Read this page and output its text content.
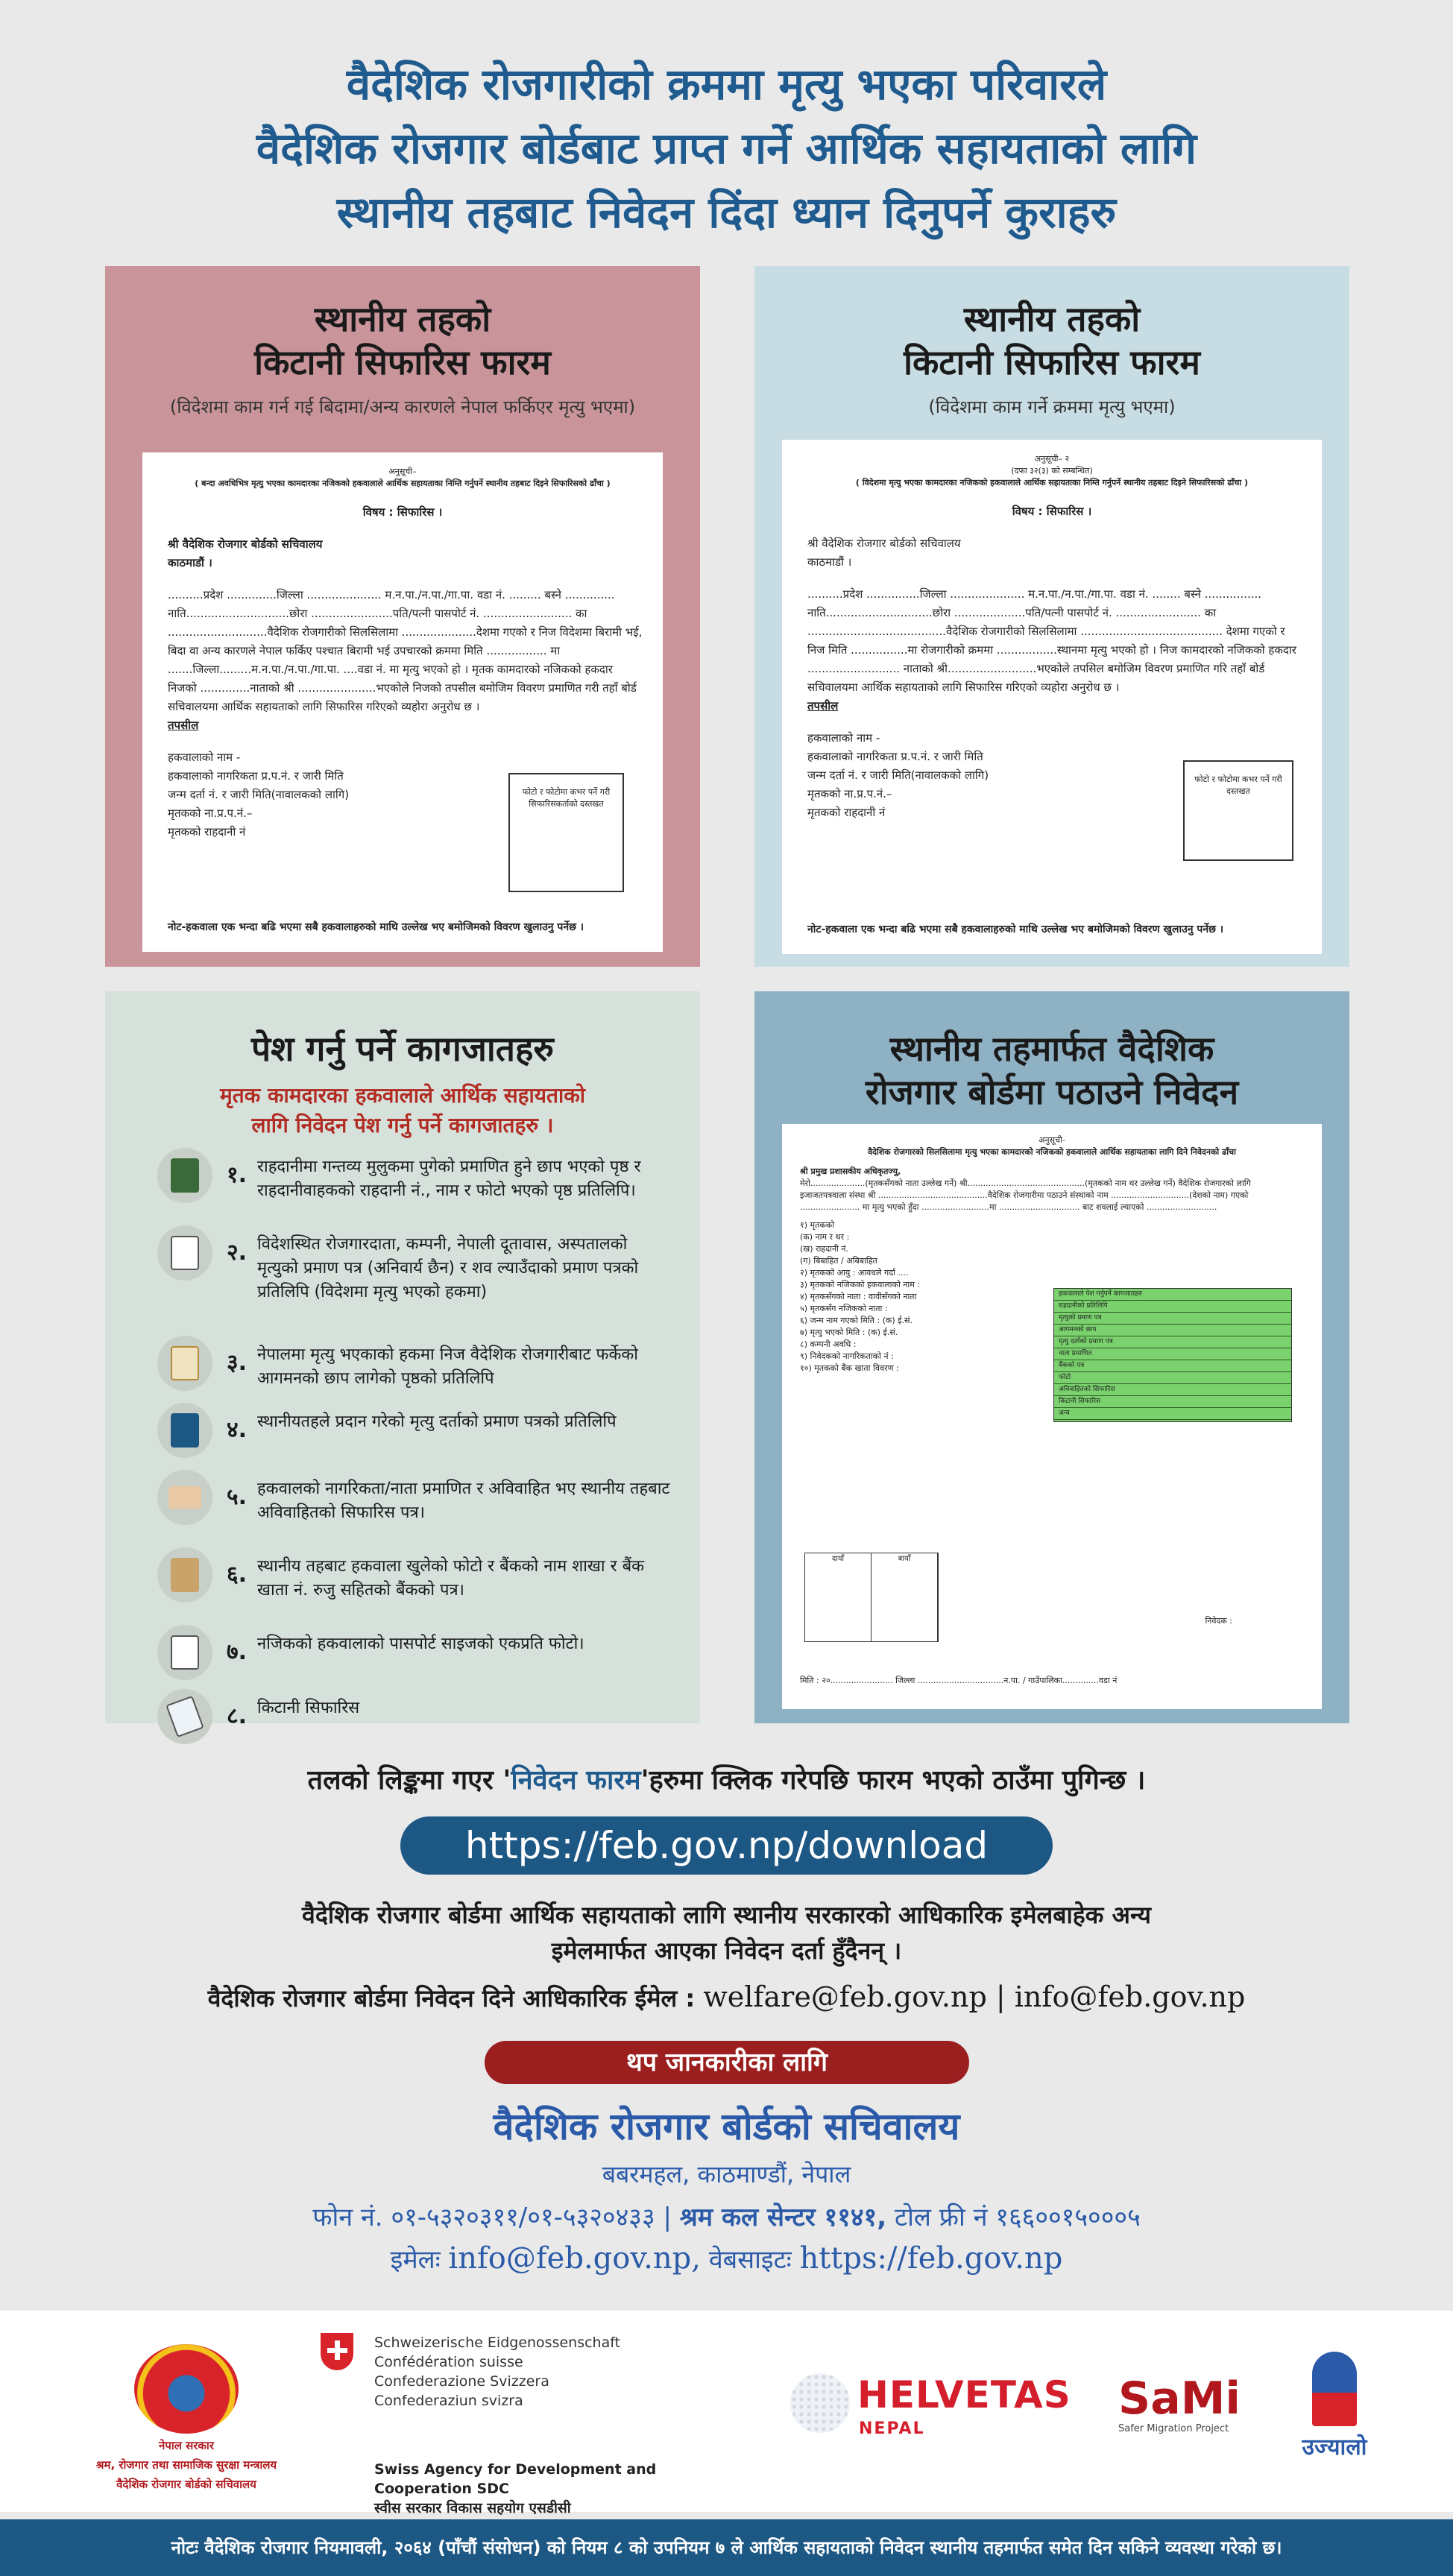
वैदेशिक रोजगारीको क्रममा मृत्यु भएका परिवारले
वैदेशिक रोजगार बोर्डबाट प्राप्त गर्ने आर्थिक सहायताको लागि
स्थानीय तहबाट निवेदन दिंदा ध्यान दिनुपर्ने कुराहरु
स्थानीय तहको
किटानी सिफारिस फारम
(विदेशमा काम गर्न गई बिदामा/अन्य कारणले नेपाल फर्किएर मृत्यु भएमा)
अनुसूची–
( बन्दा अवधिभित्र मृत्यु भएका कामदारका नजिकको हकवालाले आर्थिक सहायताका निम्ति गर्नुपर्ने स्थानीय तहबाट दिइने सिफारिसको ढाँचा )
विषय : सिफारिस ।
श्री वैदेशिक रोजगार बोर्डको सचिवालय
काठमाडौं ।
..........प्रदेश ..............जिल्ला ..................... म.न.पा./न.पा./गा.पा. वडा नं. ......... बस्ने .............. नाति.............................छोरा .......................पति/पत्नी पासपोर्ट नं. ......................... का ............................वैदेशिक रोजगारीको सिलसिलामा .....................देशमा गएको र निज विदेशमा बिरामी भई, बिदा वा अन्य कारणले नेपाल फर्किए पश्चात बिरामी भई उपचारको क्रममा मिति ................. मा .......जिल्ला.........म.न.पा./न.पा./गा.पा. ....वडा नं. मा मृत्यु भएको हो । मृतक कामदारको नजिकको हकदार निजको ..............नाताको श्री ......................भएकोले निजको तपसील बमोजिम विवरण प्रमाणित गरी तहाँ बोर्ड सचिवालयमा आर्थिक सहायताको लागि सिफारिस गरिएको व्यहोरा अनुरोध छ ।
तपसील
हकवालाको नाम -
हकवालाको नागरिकता प्र.प.नं. र जारी मिति
जन्म दर्ता नं. र जारी मिति(नावालकको लागि)
मृतकको ना.प्र.प.नं.–
मृतकको राहदानी नं
फोटो र फोटोमा कभर पर्ने गरी सिफारिसकर्ताको दस्तखत
नोट-हकवाला एक भन्दा बढि भएमा सबै हकवालाहरुको माथि उल्लेख भए बमोजिमको विवरण खुलाउनु पर्नेछ ।
स्थानीय तहको
किटानी सिफारिस फारम
(विदेशमा काम गर्ने क्रममा मृत्यु भएमा)
अनुसूची– २
(दफा ३२(३) को सम्बन्धित)
( विदेशमा मृत्यु भएका कामदारका नजिकको हकवालाले आर्थिक सहायताका निम्ति गर्नुपर्ने स्थानीय तहबाट दिइने सिफारिसको ढाँचा )
विषय : सिफारिस ।
श्री वैदेशिक रोजगार बोर्डको सचिवालय
काठमाडौं ।
..........प्रदेश ...............जिल्ला ..................... म.न.पा./न.पा./गा.पा. वडा नं. ........ बस्ने ................ नाति..............................छोरा ....................पति/पत्नी पासपोर्ट नं. ........................ का .......................................वैदेशिक रोजगारीको सिलसिलामा ........................................ देशमा गएको र निज मिति ................मा रोजगारीको क्रममा .................स्थानमा मृत्यु भएको हो । निज कामदारको नजिकको हकदार .......................... नाताको श्री.........................भएकोले तपसिल बमोजिम विवरण प्रमाणित गरि तहाँ बोर्ड सचिवालयमा आर्थिक सहायताको लागि सिफारिस गरिएको व्यहोरा अनुरोध छ ।
तपसील
हकवालाको नाम -
हकवालाको नागरिकता प्र.प.नं. र जारी मिति
जन्म दर्ता नं. र जारी मिति(नावालकको लागि)
मृतकको ना.प्र.प.नं.–
मृतकको राहदानी नं
फोटो र फोटोमा कभर पर्ने गरी दस्तखत
नोट-हकवाला एक भन्दा बढि भएमा सबै हकवालाहरुको माथि उल्लेख भए बमोजिमको विवरण खुलाउनु पर्नेछ ।
पेश गर्नु पर्ने कागजातहरु
मृतक कामदारका हकवालाले आर्थिक सहायताको
लागि निवेदन पेश गर्नु पर्ने कागजातहरु ।
१. राहदानीमा गन्तव्य मुलुकमा पुगेको प्रमाणित हुने छाप भएको पृष्ठ र राहदानीवाहकको राहदानी नं., नाम र फोटो भएको पृष्ठ प्रतिलिपि।
२. विदेशस्थित रोजगारदाता, कम्पनी, नेपाली दूतावास, अस्पतालको मृत्युको प्रमाण पत्र (अनिवार्य छैन) र शव ल्याउँदाको प्रमाण पत्रको प्रतिलिपि (विदेशमा मृत्यु भएको हकमा)
३. नेपालमा मृत्यु भएकाको हकमा निज वैदेशिक रोजगारीबाट फर्केको आगमनको छाप लागेको पृष्ठको प्रतिलिपि
४. स्थानीयतहले प्रदान गरेको मृत्यु दर्ताको प्रमाण पत्रको प्रतिलिपि
५. हकवालको नागरिकता/नाता प्रमाणित र अविवाहित भए स्थानीय तहबाट अविवाहितको सिफारिस पत्र।
६. स्थानीय तहबाट हकवाला खुलेको फोटो र बैंकको नाम शाखा र बैंक खाता नं. रुजु सहितको बैंकको पत्र।
७. नजिकको हकवालाको पासपोर्ट साइजको एकप्रति फोटो।
८. किटानी सिफारिस
स्थानीय तहमार्फत वैदेशिक
रोजगार बोर्डमा पठाउने निवेदन
अनुसूची-
वैदेशिक रोजगारको सिलसिलामा मृत्यु भएका कामदारको नजिकको हकवालाले आर्थिक सहायताका लागि दिने निवेदनको ढाँचा
श्री प्रमुख प्रशासकीय अधिकृतज्यु,
मेरो.....................(मृतकसँगको नाता उल्लेख गर्ने) श्री.............................................(मृतकको नाम थर उल्लेख गर्ने) वैदेशिक रोजगारको लागि इजाजतपत्रवाला संस्था श्री ..........................................वैदेशिक रोजगारीमा पठाउने संस्थाको नाम ..............................(देशको नाम) गएको ....................... मा मृत्यु भएको हुँदा ..........................मा ............................... बाट शवलाई ल्याएको ...........................
१) मृतकको
(क) नाम र थर :
(ख) राहदानी नं.
(ग) बिबाहित / अबिबाहित
२) मृतकको आयु : आवधले गर्दा ....
३) मृतकको नजिकको हकवालाको नाम :
४) मृतकसँगको नाता : वावीसँगको नाता
५) मृतकसँग नजिकको नाता :
६) जन्म नाम गएको मिति : (क) ई.सं.
७) मृत्यु भएको मिति : (क) ई.सं.
८) कम्पनी अवधि :
९) निवेदकको नागरिकताको नं :
१०) मृतकको बैंक खाता विवरण :
हकवालाले पेश गर्नुपर्ने कागजातहरु
राहदानीको प्रतिलिपि
मृत्युको प्रमाण पत्र
आगमनको छाप
मृत्यु दर्ताको प्रमाण पत्र
नाता प्रमाणित
बैंकको पत्र
फोटो
अविवाहितको सिफारिस
किटानी सिफारिस
अन्य
दायाँ	बायाँ
निवेदक :
मिति : २०........................ जिल्ला .................................न.पा. / गाउँपालिका..............वडा नं
तलको लिङ्कमा गएर 'निवेदन फारम'हरुमा क्लिक गरेपछि फारम भएको ठाउँमा पुगिन्छ ।
https://feb.gov.np/download
वैदेशिक रोजगार बोर्डमा आर्थिक सहायताको लागि स्थानीय सरकारको आधिकारिक इमेलबाहेक अन्य
इमेलमार्फत आएका निवेदन दर्ता हुँदैनन् ।
वैदेशिक रोजगार बोर्डमा निवेदन दिने आधिकारिक ईमेल : welfare@feb.gov.np | info@feb.gov.np
थप जानकारीका लागि
वैदेशिक रोजगार बोर्डको सचिवालय
बबरमहल, काठमाण्डौं, नेपाल
फोन नं. ०१-५३२०३११/०१-५३२०४३३ | श्रम कल सेन्टर ११४१, टोल फ्री नं १६६००१५०००५
इमेलः info@feb.gov.np, वेबसाइटः https://feb.gov.np
नेपाल सरकार
श्रम, रोजगार तथा सामाजिक सुरक्षा मन्त्रालय
वैदेशिक रोजगार बोर्डको सचिवालय
Schweizerische Eidgenossenschaft
Confédération suisse
Confederazione Svizzera
Confederaziun svizra
Swiss Agency for Development and Cooperation SDC
स्वीस सरकार विकास सहयोग एसडीसी
HELVETAS
NEPAL
SaMi
Safer Migration Project
उज्यालो
नोटः वैदेशिक रोजगार नियमावली, २०६४ (पाँचौं संसोधन) को नियम ८ को उपनियम ७ ले आर्थिक सहायताको निवेदन स्थानीय तहमार्फत समेत दिन सकिने व्यवस्था गरेको छ।
